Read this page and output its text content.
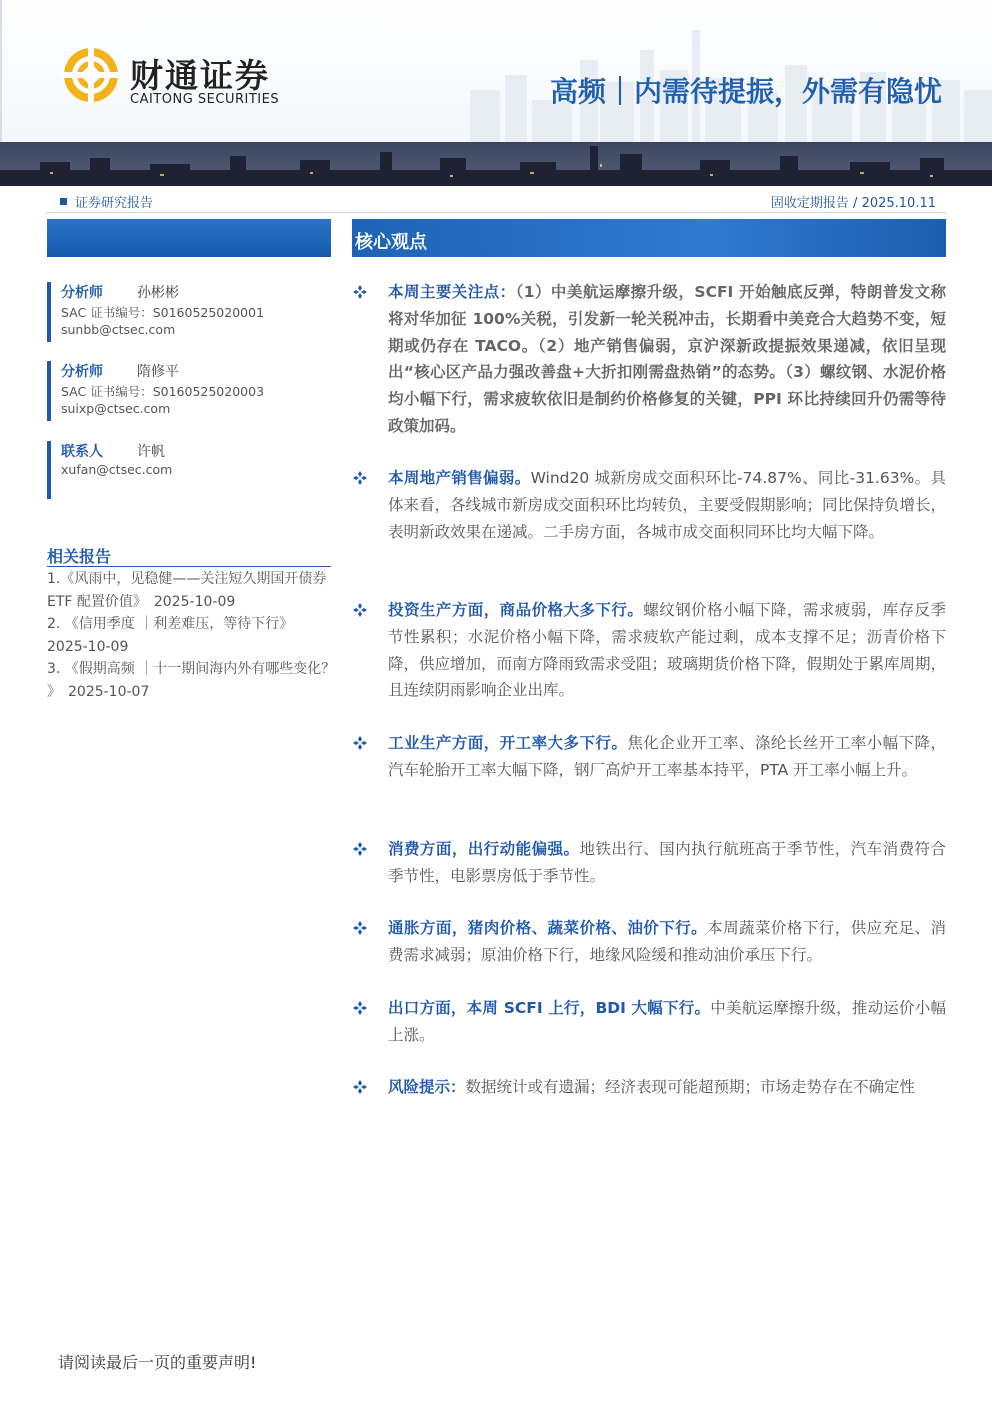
财通证券
CAITONG SECURITIES	高频｜内需待提振，外需有隐忧
证券研究报告	固收定期报告 / 2025.10.11
核心观点
分析师 孙彬彬
SAC 证书编号：S0160525020001
sunbb@ctsec.com
分析师 隋修平
SAC 证书编号：S0160525020003
suixp@ctsec.com
联系人 许帆
xufan@ctsec.com
相关报告
1.《风雨中，见稳健——关注短久期国开债券 ETF 配置价值》　2025-10-09
2. 《信用季度 ｜利差难压，等待下行》　2025-10-09
3. 《假期高频 ｜十一期间海内外有哪些变化？ 》　2025-10-07
本周主要关注点：（1）中美航运摩擦升级，SCFI 开始触底反弹，特朗普发文称将对华加征 100%关税，引发新一轮关税冲击，长期看中美竞合大趋势不变，短期或仍存在 TACO。（2）地产销售偏弱，京沪深新政提振效果递减，依旧呈现出“核心区产品力强改善盘+大折扣刚需盘热销”的态势。（3）螺纹钢、水泥价格均小幅下行，需求疲软依旧是制约价格修复的关键，PPI 环比持续回升仍需等待政策加码。
本周地产销售偏弱。Wind20 城新房成交面积环比-74.87%、同比-31.63%。具体来看，各线城市新房成交面积环比均转负，主要受假期影响；同比保持负增长，表明新政效果在递减。二手房方面，各城市成交面积同环比均大幅下降。
投资生产方面，商品价格大多下行。螺纹钢价格小幅下降，需求疲弱，库存反季节性累积；水泥价格小幅下降，需求疲软产能过剩，成本支撑不足；沥青价格下降，供应增加，而南方降雨致需求受阻；玻璃期货价格下降，假期处于累库周期，且连续阴雨影响企业出库。
工业生产方面，开工率大多下行。焦化企业开工率、涤纶长丝开工率小幅下降，汽车轮胎开工率大幅下降，钢厂高炉开工率基本持平，PTA 开工率小幅上升。
消费方面，出行动能偏强。地铁出行、国内执行航班高于季节性，汽车消费符合季节性，电影票房低于季节性。
通胀方面，猪肉价格、蔬菜价格、油价下行。本周蔬菜价格下行，供应充足、消费需求减弱；原油价格下行，地缘风险缓和推动油价承压下行。
出口方面，本周 SCFI 上行，BDI 大幅下行。中美航运摩擦升级，推动运价小幅上涨。
风险提示：数据统计或有遗漏；经济表现可能超预期；市场走势存在不确定性
请阅读最后一页的重要声明!
